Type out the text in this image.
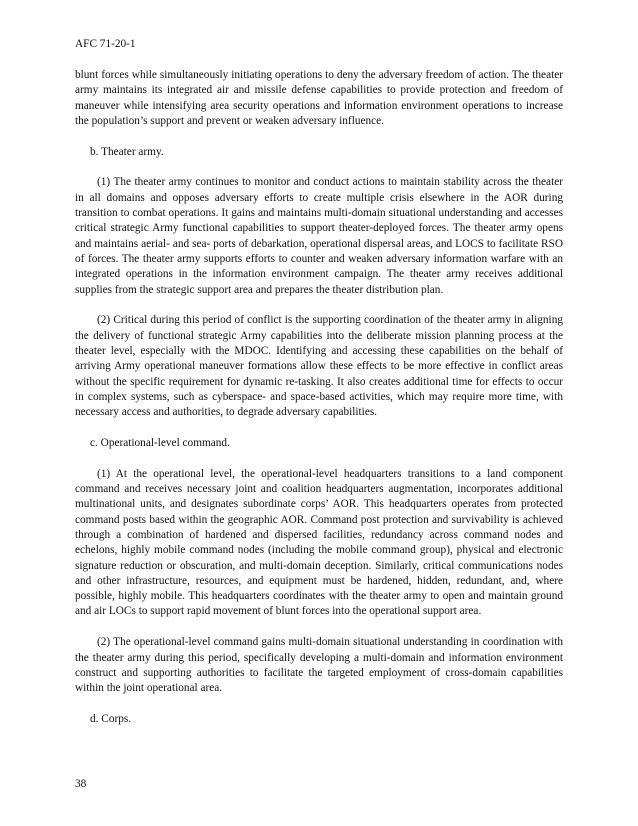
AFC 71-20-1

blunt forces while simultaneously initiating operations to deny the adversary freedom of action. The theater army maintains its integrated air and missile defense capabilities to provide protection and freedom of maneuver while intensifying area security operations and information environment operations to increase the population’s support and prevent or weaken adversary influence.

b. Theater army.

(1) The theater army continues to monitor and conduct actions to maintain stability across the theater in all domains and opposes adversary efforts to create multiple crisis elsewhere in the AOR during transition to combat operations. It gains and maintains multi-domain situational understanding and accesses critical strategic Army functional capabilities to support theater-deployed forces. The theater army opens and maintains aerial- and sea- ports of debarkation, operational dispersal areas, and LOCS to facilitate RSO of forces. The theater army supports efforts to counter and weaken adversary information warfare with an integrated operations in the information environment campaign. The theater army receives additional supplies from the strategic support area and prepares the theater distribution plan.

(2) Critical during this period of conflict is the supporting coordination of the theater army in aligning the delivery of functional strategic Army capabilities into the deliberate mission planning process at the theater level, especially with the MDOC. Identifying and accessing these capabilities on the behalf of arriving Army operational maneuver formations allow these effects to be more effective in conflict areas without the specific requirement for dynamic re-tasking. It also creates additional time for effects to occur in complex systems, such as cyberspace- and space-based activities, which may require more time, with necessary access and authorities, to degrade adversary capabilities.

c. Operational-level command.

(1) At the operational level, the operational-level headquarters transitions to a land component command and receives necessary joint and coalition headquarters augmentation, incorporates additional multinational units, and designates subordinate corps’ AOR. This headquarters operates from protected command posts based within the geographic AOR. Command post protection and survivability is achieved through a combination of hardened and dispersed facilities, redundancy across command nodes and echelons, highly mobile command nodes (including the mobile command group), physical and electronic signature reduction or obscuration, and multi-domain deception. Similarly, critical communications nodes and other infrastructure, resources, and equipment must be hardened, hidden, redundant, and, where possible, highly mobile. This headquarters coordinates with the theater army to open and maintain ground and air LOCs to support rapid movement of blunt forces into the operational support area.

(2) The operational-level command gains multi-domain situational understanding in coordination with the theater army during this period, specifically developing a multi-domain and information environment construct and supporting authorities to facilitate the targeted employment of cross-domain capabilities within the joint operational area.

d. Corps.

38
